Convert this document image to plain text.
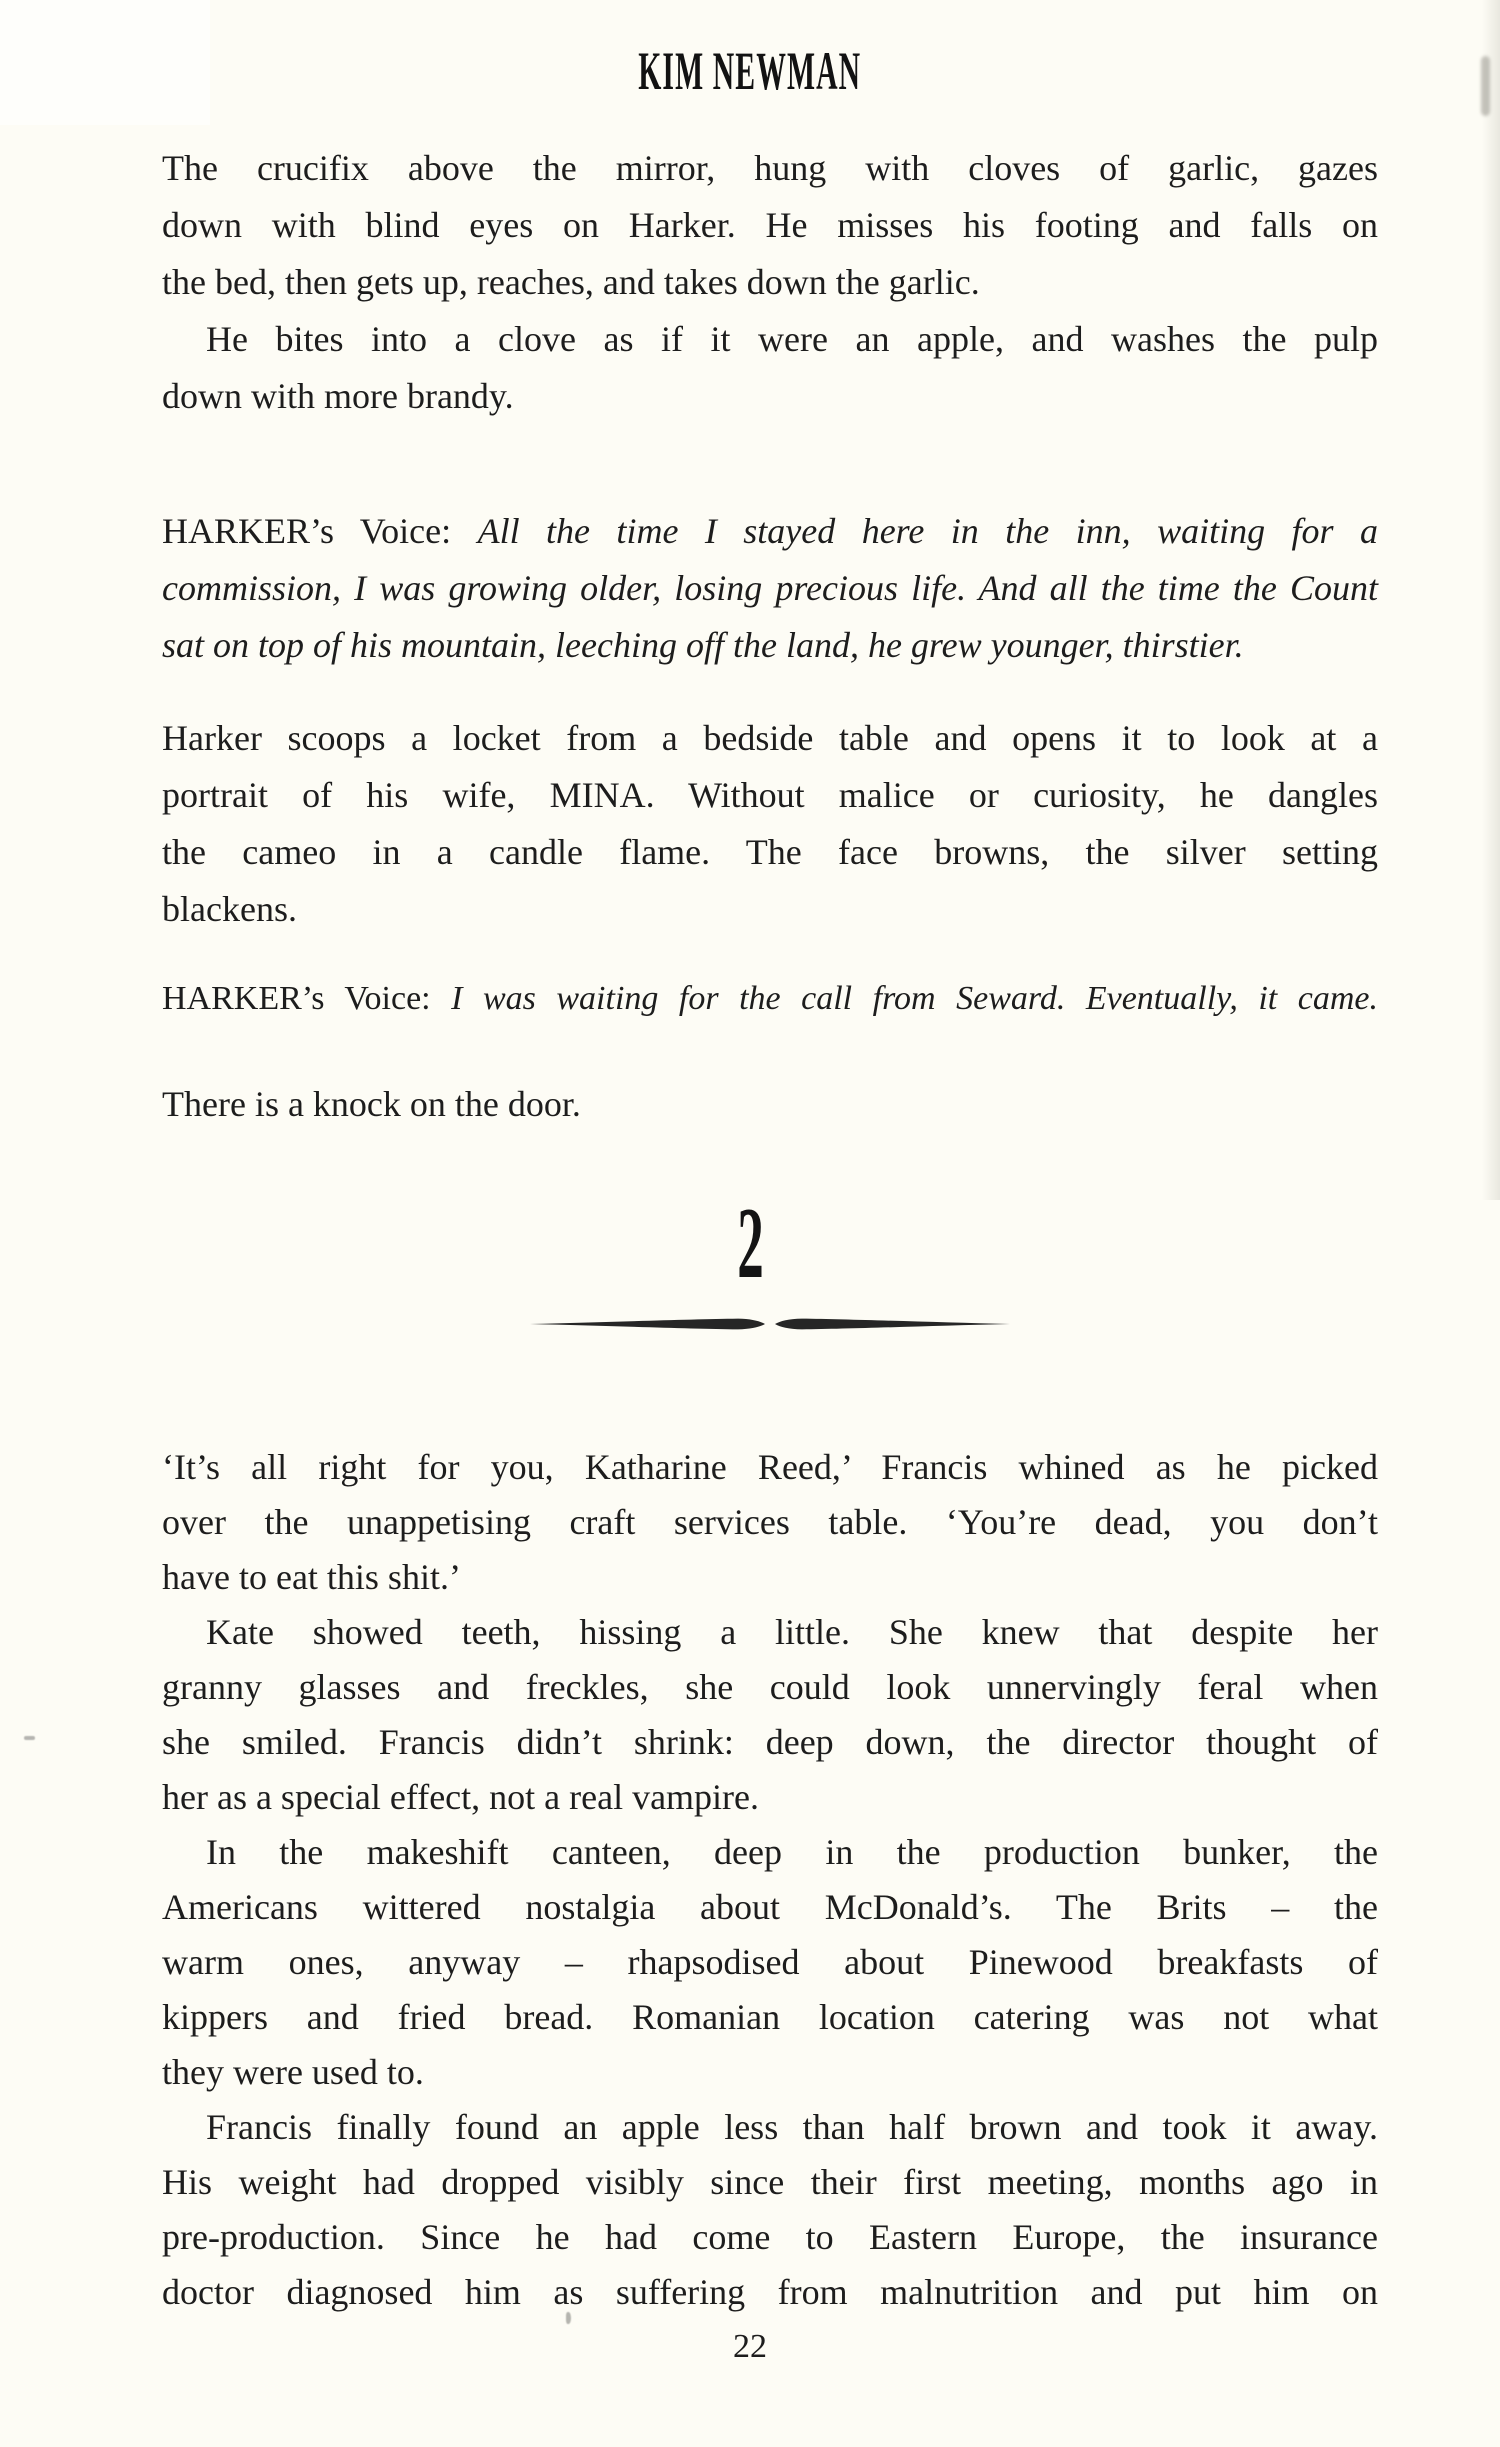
KIM NEWMAN
The crucifix above the mirror, hung with cloves of garlic, gazes
down with blind eyes on Harker. He misses his footing and falls on
the bed, then gets up, reaches, and takes down the garlic.
He bites into a clove as if it were an apple, and washes the pulp
down with more brandy.
HARKER’s Voice: All the time I stayed here in the inn, waiting for a
commission, I was growing older, losing precious life. And all the time the Count
sat on top of his mountain, leeching off the land, he grew younger, thirstier.
Harker scoops a locket from a bedside table and opens it to look at a
portrait of his wife, MINA. Without malice or curiosity, he dangles
the cameo in a candle flame. The face browns, the silver setting
blackens.
HARKER’s Voice: I was waiting for the call from Seward. Eventually, it came.
There is a knock on the door.
2
‘It’s all right for you, Katharine Reed,’ Francis whined as he picked
over the unappetising craft services table. ‘You’re dead, you don’t
have to eat this shit.’
Kate showed teeth, hissing a little. She knew that despite her
granny glasses and freckles, she could look unnervingly feral when
she smiled. Francis didn’t shrink: deep down, the director thought of
her as a special effect, not a real vampire.
In the makeshift canteen, deep in the production bunker, the
Americans wittered nostalgia about McDonald’s. The Brits – the
warm ones, anyway – rhapsodised about Pinewood breakfasts of
kippers and fried bread. Romanian location catering was not what
they were used to.
Francis finally found an apple less than half brown and took it away.
His weight had dropped visibly since their first meeting, months ago in
pre-production. Since he had come to Eastern Europe, the insurance
doctor diagnosed him as suffering from malnutrition and put him on
22
